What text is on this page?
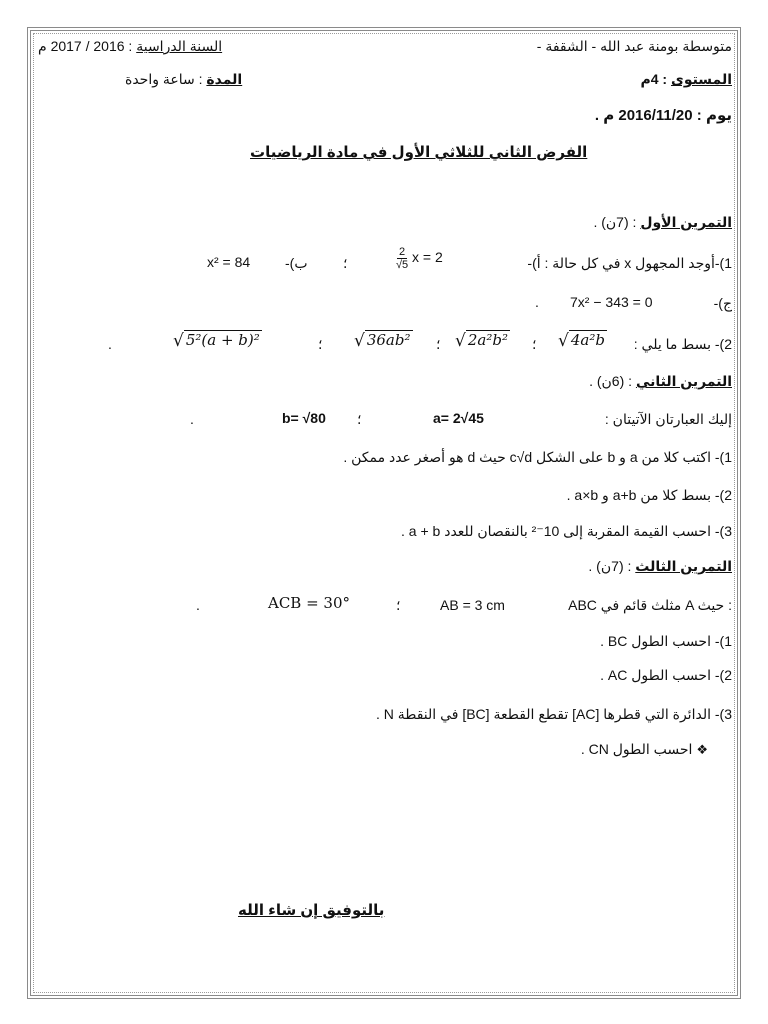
متوسطة بومنة عبد الله - الشقفة -
السنة الدراسية : 2016 / 2017 م
المستوى : 4م
المدة : ساعة واحدة
يوم : 2016/11/20 م .
الفرض الثاني للثلاثي الأول في مادة الرياضيات
التمرين الأول : (7ن) .
1)-أوجد المجهول x في كل حالة : أ)-
$\frac{2}{√5}$ x = 2
؛
ب)-
x² = 84
ج)-
7x² − 343 = 0
.
2)- بسط ما يلي :
√ 4a²b
؛
√ 2a²b²
؛
√ 36ab²
؛
√ 5²(a + b)²
.
التمرين الثاني : (6ن) .
إليك العبارتان الآتيتان :
a= 2√45
؛
b= √80
.
1)- اكتب كلا من a و b على الشكل c√d حيث d هو أصغر عدد ممكن .
2)- بسط كلا من a+b و a×b .
3)- احسب القيمة المقربة إلى 10⁻² بالنقصان للعدد a + b .
التمرين الثالث : (7ن) .
ABC مثلث قائم في A حيث :
AB = 3 cm
؛
ACB = 30°
.
1)- احسب الطول BC .
2)- احسب الطول AC .
3)- الدائرة التي قطرها [AC] تقطع القطعة [BC] في النقطة N .
❖ احسب الطول CN .
بالتوفيق إن شاء الله
